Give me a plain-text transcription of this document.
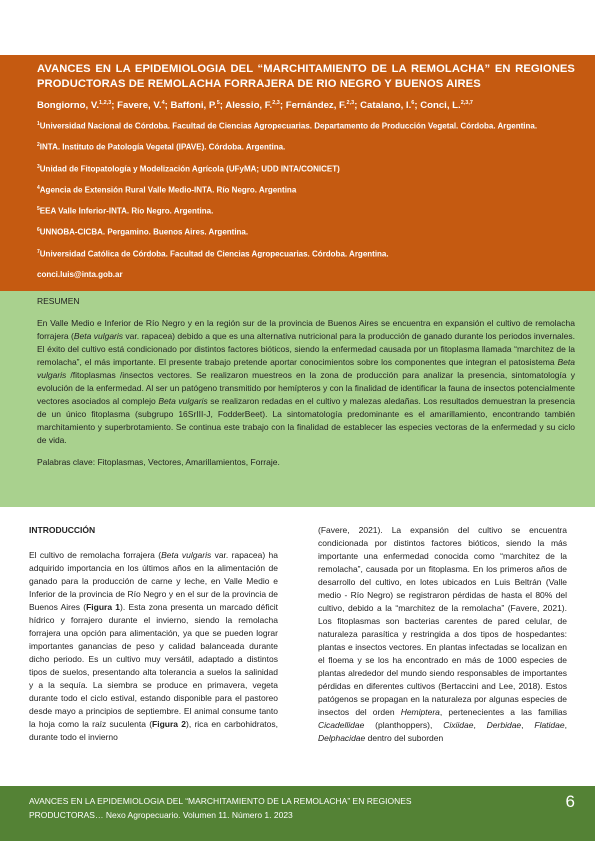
AVANCES EN LA EPIDEMIOLOGIA DEL “MARCHITAMIENTO DE LA REMOLACHA” EN REGIONES PRODUCTORAS DE REMOLACHA FORRAJERA DE RIO NEGRO Y BUENOS AIRES
Bongiorno, V.$^{1,2,3}$; Favere, V.$^4$; Baffoni, P.$^5$; Alessio, F.$^{2,3}$; Fernández, F.$^{2,3}$; Catalano, I.$^6$; Conci, L.$^{2,3,7}$
$^1$Universidad Nacional de Córdoba. Facultad de Ciencias Agropecuarias. Departamento de Producción Vegetal. Córdoba. Argentina.
$^2$INTA. Instituto de Patología Vegetal (IPAVE). Córdoba. Argentina.
$^3$Unidad de Fitopatología y Modelización Agrícola (UFyMA; UDD INTA/CONICET)
$^4$Agencia de Extensión Rural Valle Medio-INTA. Río Negro. Argentina
$^5$EEA Valle Inferior-INTA. Río Negro. Argentina.
$^6$UNNOBA-CICBA. Pergamino. Buenos Aires. Argentina.
$^7$Universidad Católica de Córdoba. Facultad de Ciencias Agropecuarias. Córdoba. Argentina.
conci.luis@inta.gob.ar
RESUMEN

En Valle Medio e Inferior de Río Negro y en la región sur de la provincia de Buenos Aires se encuentra en expansión el cultivo de remolacha forrajera (Beta vulgaris var. rapacea) debido a que es una alternativa nutricional para la producción de ganado durante los periodos invernales. El éxito del cultivo está condicionado por distintos factores bióticos, siendo la enfermedad causada por un fitoplasma llamada “marchitez de la remolacha”, el más importante. El presente trabajo pretende aportar conocimientos sobre los componentes que integran el patosistema Beta vulgaris /fitoplasmas /insectos vectores. Se realizaron muestreos en la zona de producción para analizar la presencia, sintomatología y evolución de la enfermedad. Al ser un patógeno transmitido por hemípteros y con la finalidad de identificar la fauna de insectos potencialmente vectores asociados al complejo Beta vulgaris se realizaron redadas en el cultivo y malezas aledañas. Los resultados demuestran la presencia de un único fitoplasma (subgrupo 16SrIII-J, FodderBeet). La sintomatología predominante es el amarillamiento, encontrando también marchitamiento y superbrotamiento. Se continua este trabajo con la finalidad de establecer las especies vectoras de la enfermedad y su ciclo de vida.

Palabras clave: Fitoplasmas, Vectores, Amarillamientos, Forraje.

INTRODUCCIÓN

El cultivo de remolacha forrajera (Beta vulgaris var. rapacea) ha adquirido importancia en los últimos años en la alimentación de ganado para la producción de carne y leche, en Valle Medio e Inferior de la provincia de Río Negro y en el sur de la provincia de Buenos Aires (Figura 1). Esta zona presenta un marcado déficit hídrico y forrajero durante el invierno, siendo la remolacha forrajera una opción para alimentación, ya que se pueden lograr importantes ganancias de peso y calidad balanceada durante dicho periodo. Es un cultivo muy versátil, adaptado a distintos tipos de suelos, presentando alta tolerancia a suelos la salinidad y a la sequía. La siembra se produce en primavera, vegeta durante todo el ciclo estival, estando disponible para el pastoreo desde mayo a principios de septiembre. El animal consume tanto la hoja como la raíz suculenta (Figura 2), rica en carbohidratos, durante todo el invierno

(Favere, 2021). La expansión del cultivo se encuentra condicionada por distintos factores bióticos, siendo la más importante una enfermedad conocida como “marchitez de la remolacha”, causada por un fitoplasma. En los primeros años de desarrollo del cultivo, en lotes ubicados en Luis Beltrán (Valle medio - Río Negro) se registraron pérdidas de hasta el 80% del cultivo, debido a la “marchitez de la remolacha” (Favere, 2021). Los fitoplasmas son bacterias carentes de pared celular, de naturaleza parasítica y restringida a dos tipos de hospedantes: plantas e insectos vectores. En plantas infectadas se localizan en el floema y se los ha encontrado en más de 1000 especies de plantas alrededor del mundo siendo responsables de importantes pérdidas en diferentes cultivos (Bertaccini and Lee, 2018). Estos patógenos se propagan en la naturaleza por algunas especies de insectos del orden Hemiptera, pertenecientes a las familias Cicadellidae (planthoppers), Cixiidae, Derbidae, Flatidae, Delphacidae dentro del suborden

AVANCES EN LA EPIDEMIOLOGIA DEL “MARCHITAMIENTO DE LA REMOLACHA” EN REGIONES PRODUCTORAS… Nexo Agropecuario. Volumen 11. Número 1. 2023
6
